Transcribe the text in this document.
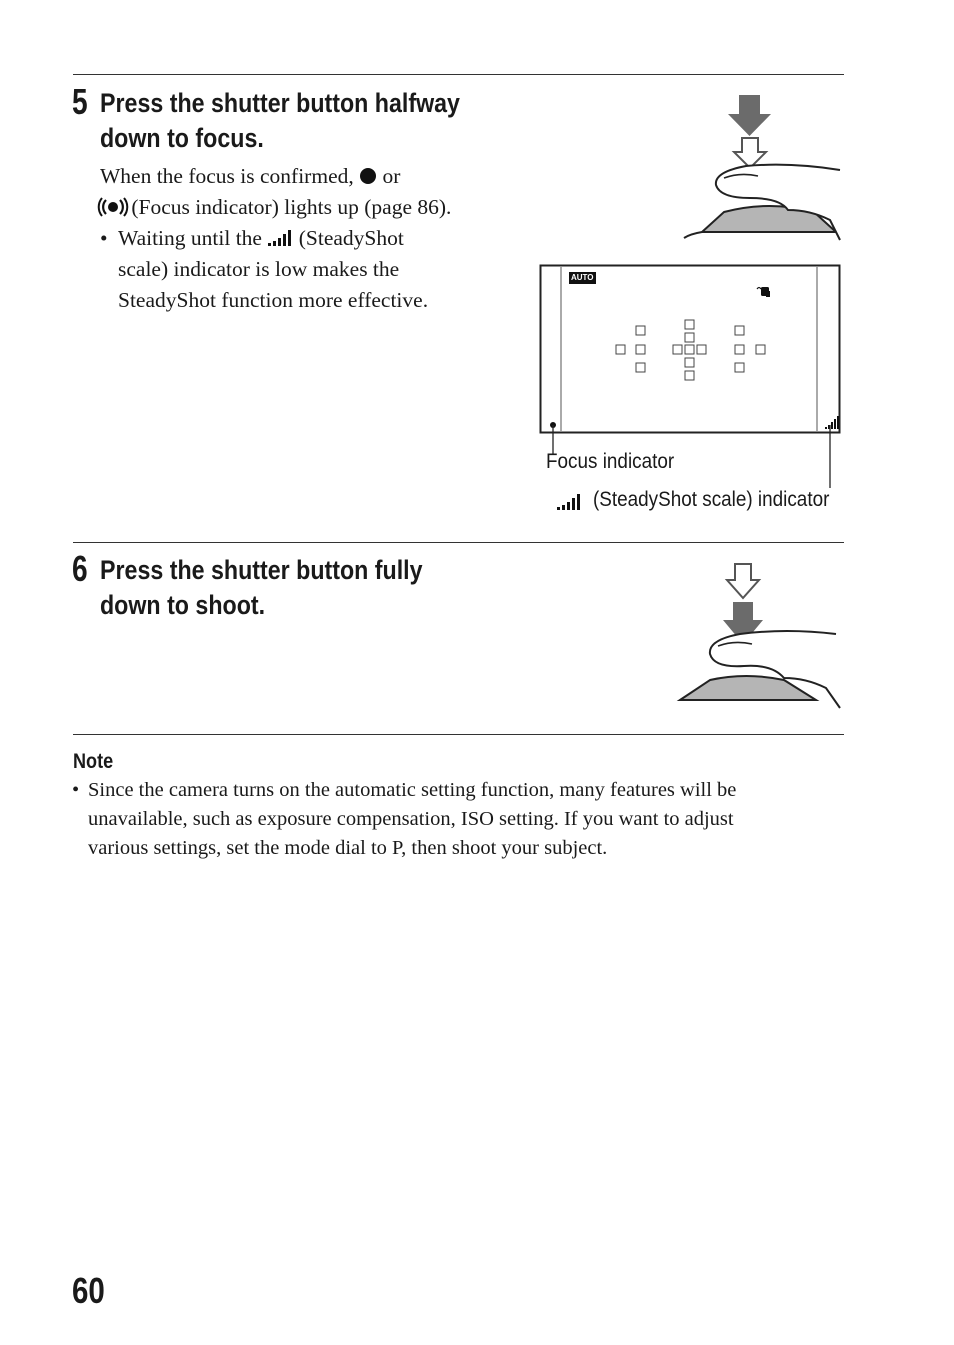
5 Press the shutter button halfway
down to focus.
When the focus is confirmed,  or
(Focus indicator) lights up (page 86).
• Waiting until the  (SteadyShot
scale) indicator is low makes the
SteadyShot function more effective.
AUTO
Focus indicator
(SteadyShot scale) indicator
6 Press the shutter button fully
down to shoot.
Note
• Since the camera turns on the automatic setting function, many features will be
unavailable, such as exposure compensation, ISO setting. If you want to adjust
various settings, set the mode dial to P, then shoot your subject.
60
